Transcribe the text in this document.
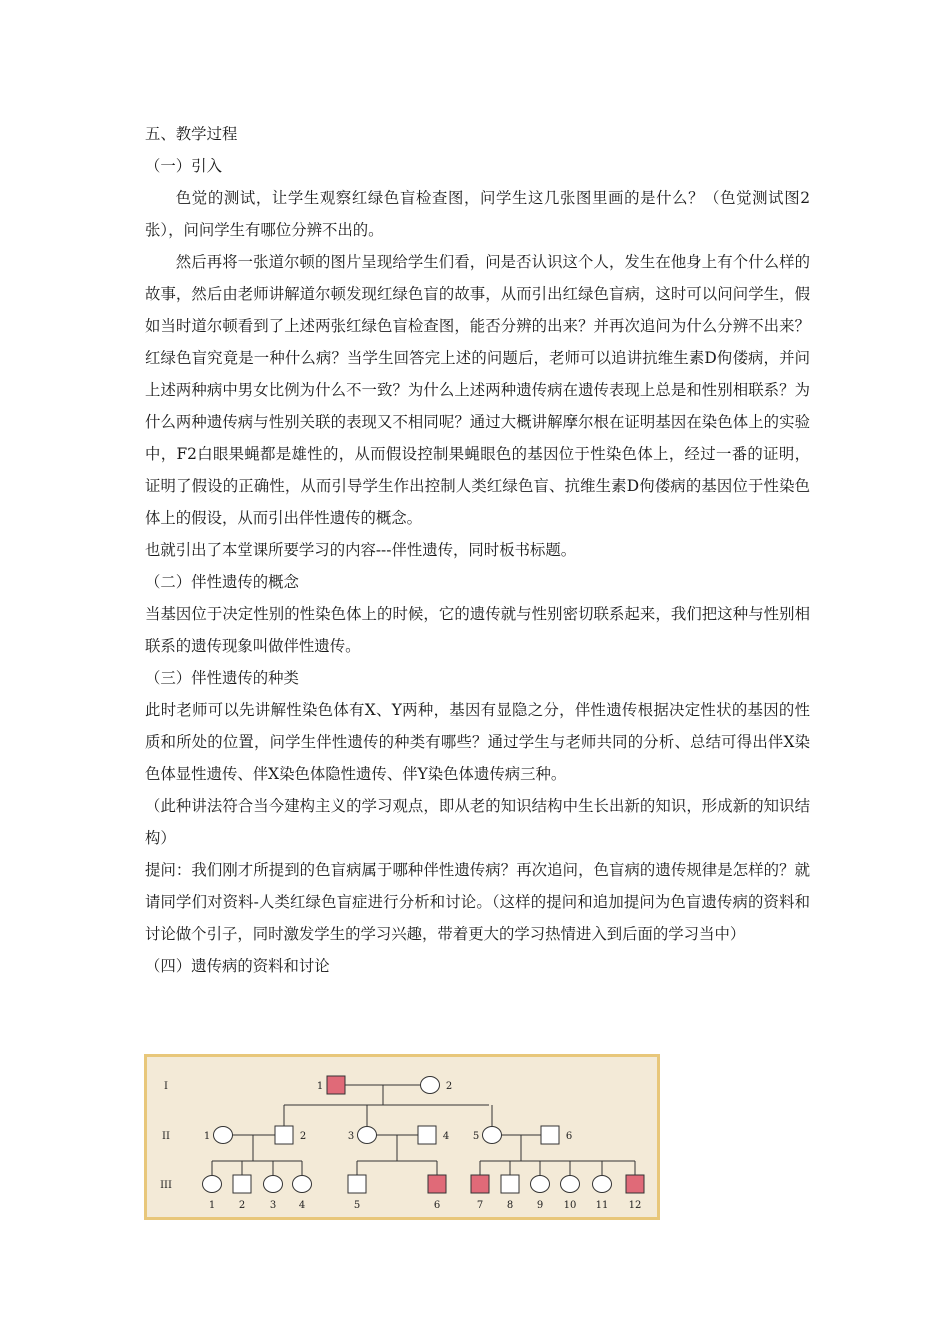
五、教学过程
（一）引入
色觉的测试，让学生观察红绿色盲检查图，问学生这几张图里画的是什么？（色觉测试图2张），问问学生有哪位分辨不出的。
然后再将一张道尔顿的图片呈现给学生们看，问是否认识这个人，发生在他身上有个什么样的故事，然后由老师讲解道尔顿发现红绿色盲的故事，从而引出红绿色盲病，这时可以问问学生，假如当时道尔顿看到了上述两张红绿色盲检查图，能否分辨的出来？并再次追问为什么分辨不出来？红绿色盲究竟是一种什么病？当学生回答完上述的问题后，老师可以追讲抗维生素D佝偻病，并问上述两种病中男女比例为什么不一致？为什么上述两种遗传病在遗传表现上总是和性别相联系？为什么两种遗传病与性别关联的表现又不相同呢？通过大概讲解摩尔根在证明基因在染色体上的实验中，F2白眼果蝇都是雄性的，从而假设控制果蝇眼色的基因位于性染色体上，经过一番的证明，证明了假设的正确性，从而引导学生作出控制人类红绿色盲、抗维生素D佝偻病的基因位于性染色体上的假设，从而引出伴性遗传的概念。
也就引出了本堂课所要学习的内容---伴性遗传，同时板书标题。
（二）伴性遗传的概念
当基因位于决定性别的性染色体上的时候，它的遗传就与性别密切联系起来，我们把这种与性别相联系的遗传现象叫做伴性遗传。
（三）伴性遗传的种类
此时老师可以先讲解性染色体有X、Y两种，基因有显隐之分，伴性遗传根据决定性状的基因的性质和所处的位置，问学生伴性遗传的种类有哪些？通过学生与老师共同的分析、总结可得出伴X染色体显性遗传、伴X染色体隐性遗传、伴Y染色体遗传病三种。
（此种讲法符合当今建构主义的学习观点，即从老的知识结构中生长出新的知识，形成新的知识结构）
提问：我们刚才所提到的色盲病属于哪种伴性遗传病？再次追问，色盲病的遗传规律是怎样的？就请同学们对资料-人类红绿色盲症进行分析和讨论。（这样的提问和追加提问为色盲遗传病的资料和讨论做个引子，同时激发学生的学习兴趣，带着更大的学习热情进入到后面的学习当中）
（四）遗传病的资料和讨论
I
II
III
1	2
1	2	3	4 5	6
1 2 3 4	5	6	7 8 9 10 11 12
